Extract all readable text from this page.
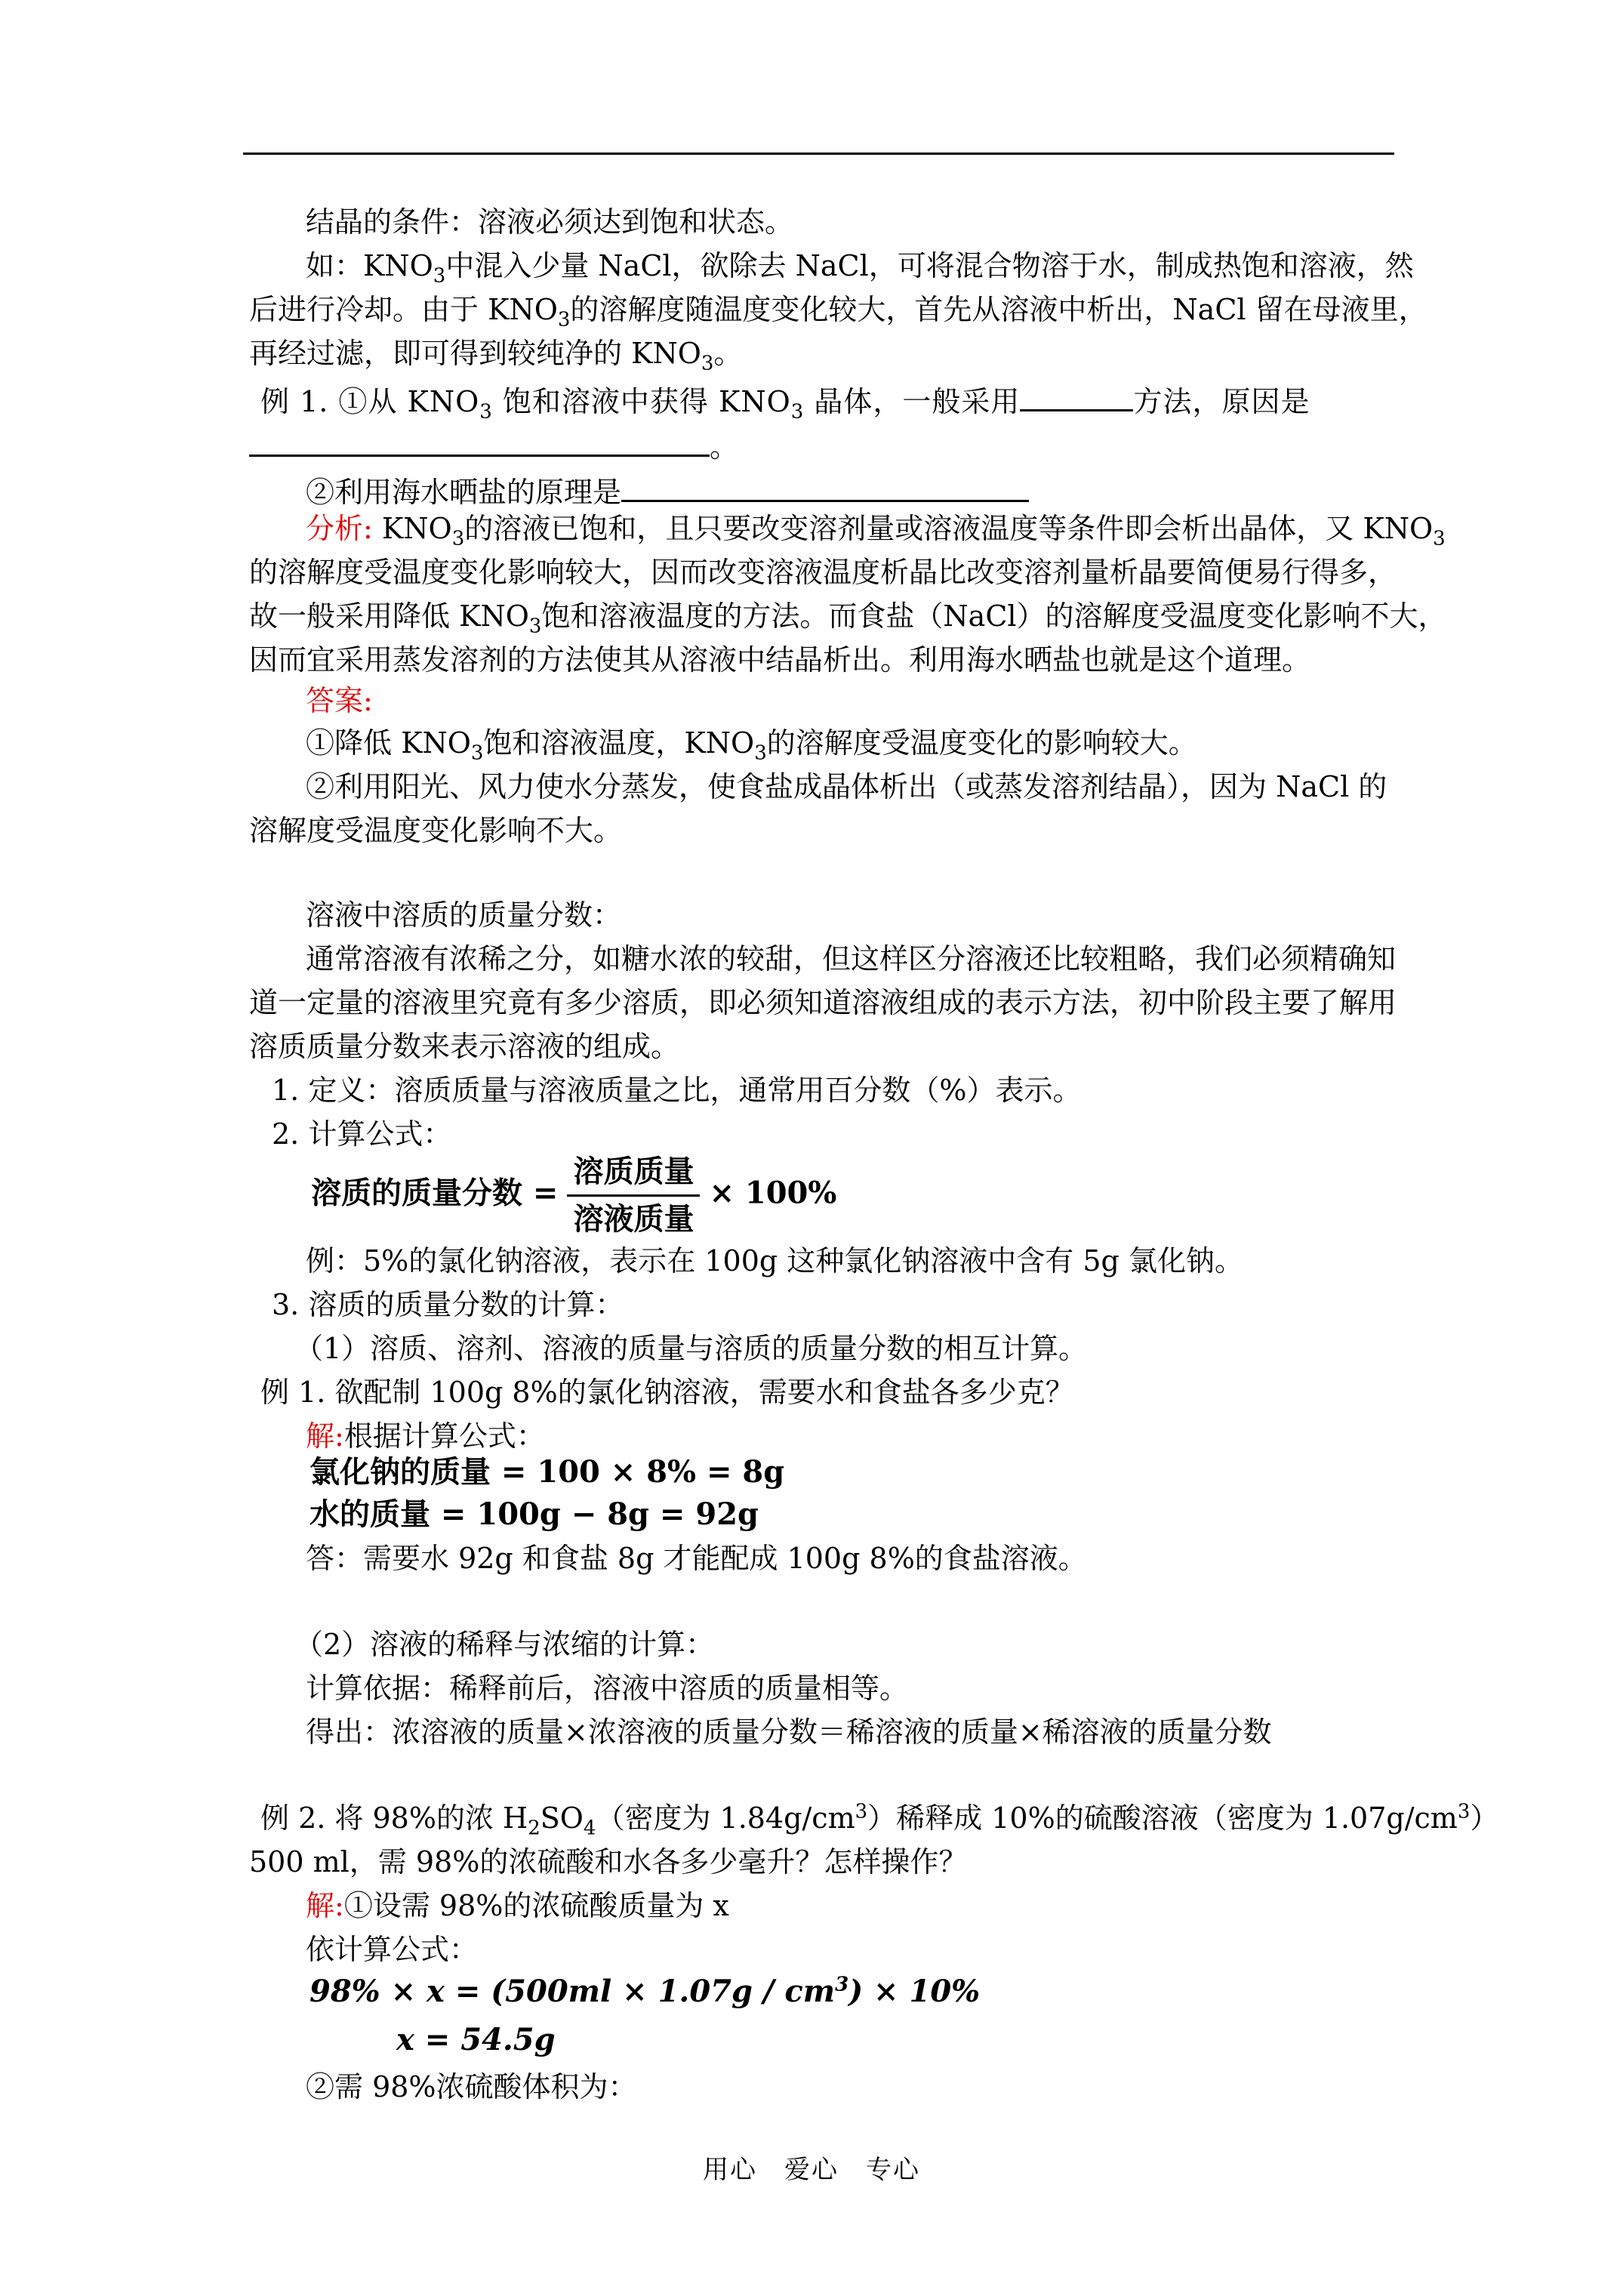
结晶的条件：溶液必须达到饱和状态。
如：$KNO_3$中混入少量 NaCl，欲除去 NaCl，可将混合物溶于水，制成热饱和溶液，然
后进行冷却。由于 $KNO_3$的溶解度随温度变化较大，首先从溶液中析出，NaCl 留在母液里，
再经过滤，即可得到较纯净的 $KNO_3$。
例 1. ①从 $KNO_3$ 饱和溶液中获得 $KNO_3$ 晶体，一般采用	方法，原因是
。
②利用海水晒盐的原理是
分析: $KNO_3$的溶液已饱和，且只要改变溶剂量或溶液温度等条件即会析出晶体，又 $KNO_3$
的溶解度受温度变化影响较大，因而改变溶液温度析晶比改变溶剂量析晶要简便易行得多，
故一般采用降低 $KNO_3$饱和溶液温度的方法。而食盐（NaCl）的溶解度受温度变化影响不大，
因而宜采用蒸发溶剂的方法使其从溶液中结晶析出。利用海水晒盐也就是这个道理。
答案:
①降低 $KNO_3$饱和溶液温度，$KNO_3$的溶解度受温度变化的影响较大。
②利用阳光、风力使水分蒸发，使食盐成晶体析出（或蒸发溶剂结晶），因为 NaCl 的
溶解度受温度变化影响不大。
溶液中溶质的质量分数：
通常溶液有浓稀之分，如糖水浓的较甜，但这样区分溶液还比较粗略，我们必须精确知
道一定量的溶液里究竟有多少溶质，即必须知道溶液组成的表示方法，初中阶段主要了解用
溶质质量分数来表示溶液的组成。
1. 定义：溶质质量与溶液质量之比，通常用百分数（%）表示。
2. 计算公式：
溶质的质量分数 = $\frac{\text{溶质质量}}{\text{溶液质量}} \times 100\%$
例：5%的氯化钠溶液，表示在 100g 这种氯化钠溶液中含有 5g 氯化钠。
3. 溶质的质量分数的计算：
（1）溶质、溶剂、溶液的质量与溶质的质量分数的相互计算。
例 1. 欲配制 100g 8%的氯化钠溶液，需要水和食盐各多少克？
解:根据计算公式：
氯化钠的质量 = 100 × 8% = 8g
水的质量 = 100g − 8g = 92g
答：需要水 92g 和食盐 8g 才能配成 100g 8%的食盐溶液。
（2）溶液的稀释与浓缩的计算：
计算依据：稀释前后，溶液中溶质的质量相等。
得出：浓溶液的质量×浓溶液的质量分数＝稀溶液的质量×稀溶液的质量分数
例 2. 将 98%的浓 $H_2SO_4$（密度为 $1.84g/cm^3$）稀释成 10%的硫酸溶液（密度为 $1.07g/cm^3$）
500 ml，需 98%的浓硫酸和水各多少毫升？怎样操作？
解:①设需 98%的浓硫酸质量为 x
依计算公式：
$98\% \times x = (500ml \times 1.07g / cm^3) \times 10\%$
x = 54.5g
②需 98%浓硫酸体积为：
用心 爱心 专心
